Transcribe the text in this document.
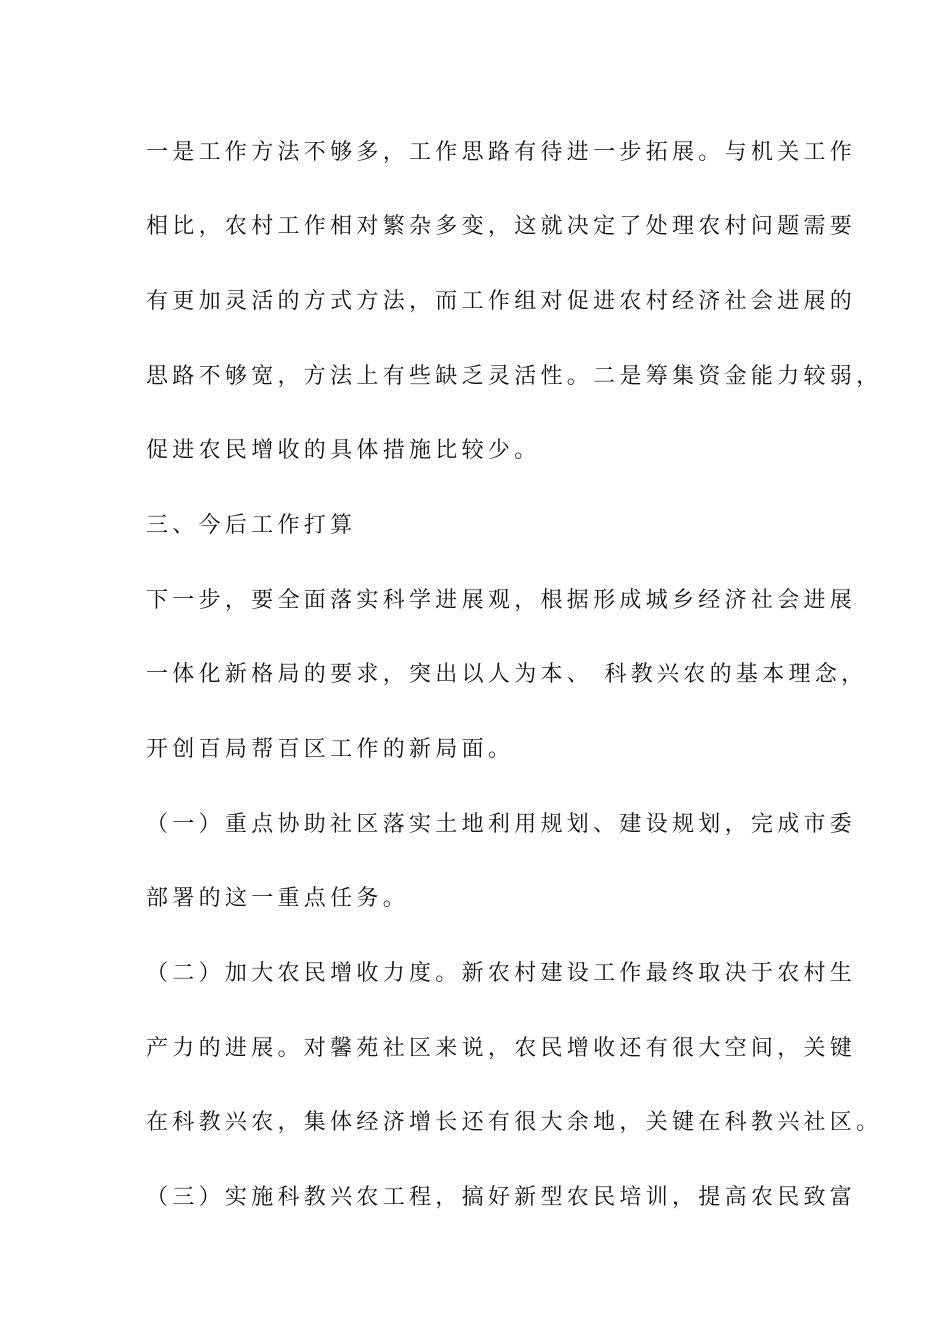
一是工作方法不够多，工作思路有待进一步拓展。与机关工作
相比，农村工作相对繁杂多变，这就决定了处理农村问题需要
有更加灵活的方式方法，而工作组对促进农村经济社会进展的
思路不够宽，方法上有些缺乏灵活性。二是筹集资金能力较弱，
促进农民增收的具体措施比较少。
三、今后工作打算
下一步，要全面落实科学进展观，根据形成城乡经济社会进展
一体化新格局的要求，突出以人为本、 科教兴农的基本理念，
开创百局帮百区工作的新局面。
（一）重点协助社区落实土地利用规划、建设规划，完成市委
部署的这一重点任务。
（二）加大农民增收力度。新农村建设工作最终取决于农村生
产力的进展。对馨苑社区来说，农民增收还有很大空间，关键
在科教兴农，集体经济增长还有很大余地，关键在科教兴社区。
（三）实施科教兴农工程，搞好新型农民培训，提高农民致富
